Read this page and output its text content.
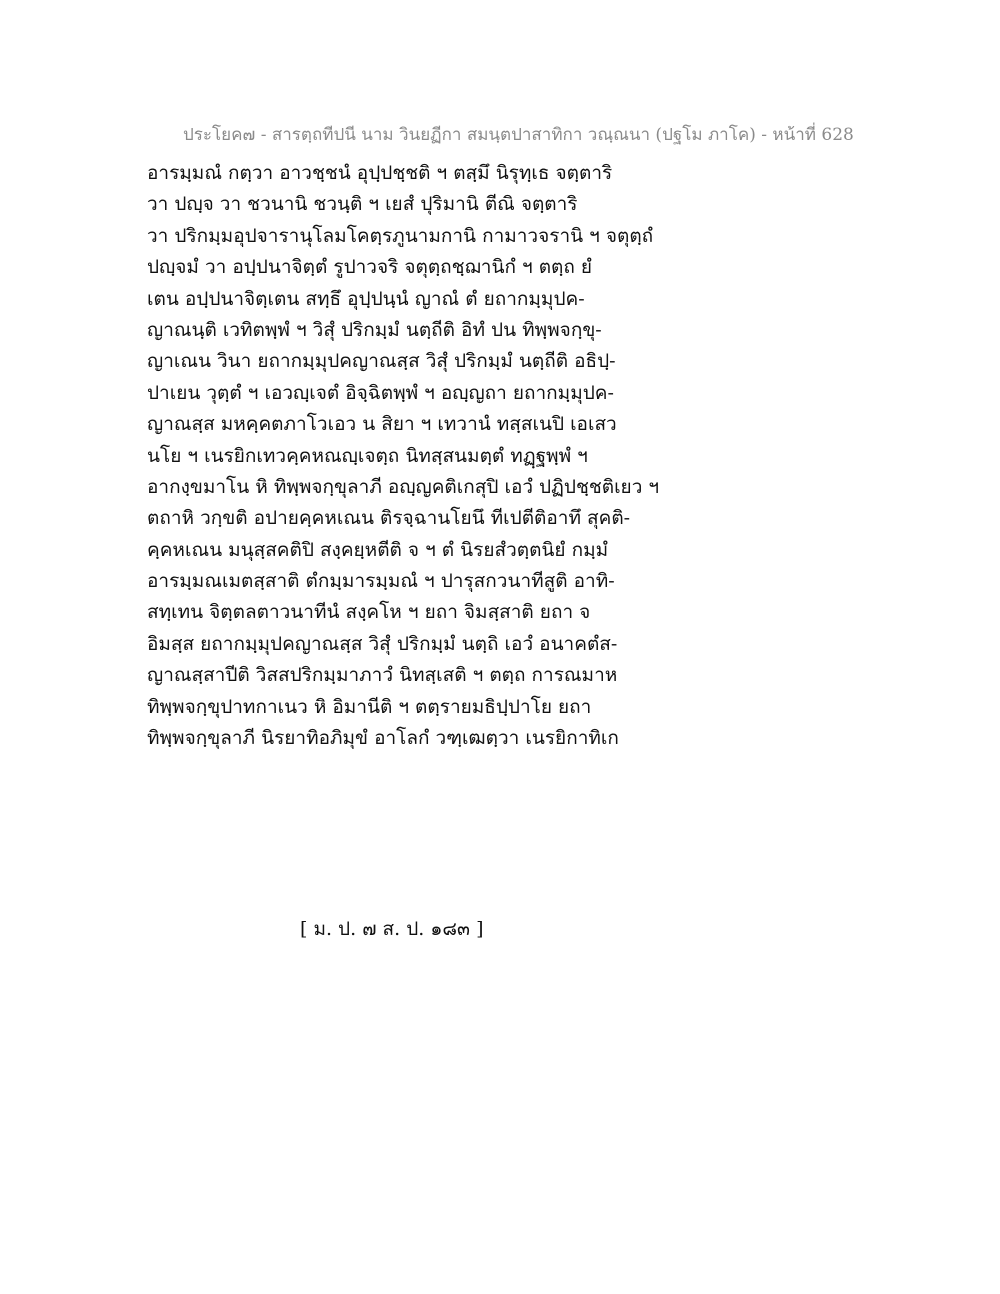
ประโยค๗ - สารตฺถทีปนี นาม วินยฏีกา สมนฺตปาสาทิกา วณฺณนา (ปฐโม ภาโค) - หน้าที่ 628
อารมฺมณํ กตฺวา อาวชฺชนํ อุปฺปชฺชติ ฯ ตสฺมึ นิรุทฺเธ จตฺตาริ
วา ปญฺจ วา ชวนานิ ชวนฺติ ฯ เยสํ ปุริมานิ ตีณิ จตฺตาริ
วา ปริกมฺมอุปจารานุโลมโคตฺรภูนามกานิ กามาวจรานิ ฯ จตุตฺถํ
ปญฺจมํ วา อปฺปนาจิตฺตํ รูปาวจริ จตุตฺถชฺฌานิกํ ฯ ตตฺถ ยํ
เตน อปฺปนาจิตฺเตน สทฺธึ อุปฺปนฺนํ ญาณํ ตํ ยถากมฺมุปค-
ญาณนฺติ เวทิตพฺพํ ฯ วิสุํ ปริกมฺมํ นตฺถีติ อิทํ ปน ทิพฺพจกฺขุ-
ญาเณน วินา ยถากมฺมุปคญาณสฺส วิสุํ ปริกมฺมํ นตฺถีติ อธิปฺ-
ปาเยน วุตฺตํ ฯ เอวญฺเจตํ อิจฺฉิตพฺพํ ฯ อญฺญถา ยถากมฺมุปค-
ญาณสฺส มหคฺคตภาโวเอว น สิยา ฯ เทวานํ ทสฺสเนปิ เอเสว
นโย ฯ เนรยิกเทวคฺคหณญฺเจตฺถ นิทสฺสนมตฺตํ ทฏฺฐพฺพํ ฯ
อากงฺขมาโน หิ ทิพฺพจกฺขุลาภี อญฺญคติเกสุปิ เอวํ ปฏิปชฺชติเยว ฯ
ตถาหิ วกฺขติ อปายคฺคหเณน ติรจฺฉานโยนึ ทีเปตีติอาทึ สุคติ-
คฺคหเณน มนุสฺสคติปิ สงฺคยฺหตีติ จ ฯ ตํ นิรยสํวตฺตนิยํ กมฺมํ
อารมฺมณเมตสฺสาติ ตํกมฺมารมฺมณํ ฯ ปารุสกวนาทีสูติ อาทิ-
สทฺเทน จิตฺตลตาวนาทีนํ สงฺคโห ฯ ยถา จิมสฺสาติ ยถา จ
อิมสฺส ยถากมฺมุปคญาณสฺส วิสุํ ปริกมฺมํ นตฺถิ เอวํ อนาคตํส-
ญาณสฺสาปีติ วิสสปริกมฺมาภาวํ นิทสฺเสติ ฯ ตตฺถ การณมาห
ทิพฺพจกฺขุปาทกาเนว หิ อิมานีติ ฯ ตตฺรายมธิปฺปาโย ยถา
ทิพฺพจกฺขุลาภี นิรยาทิอภิมุขํ อาโลกํ วฑฺเฒตฺวา เนรยิกาทิเก
[ ม. ป. ๗ ส. ป. ๑๘๓ ]
